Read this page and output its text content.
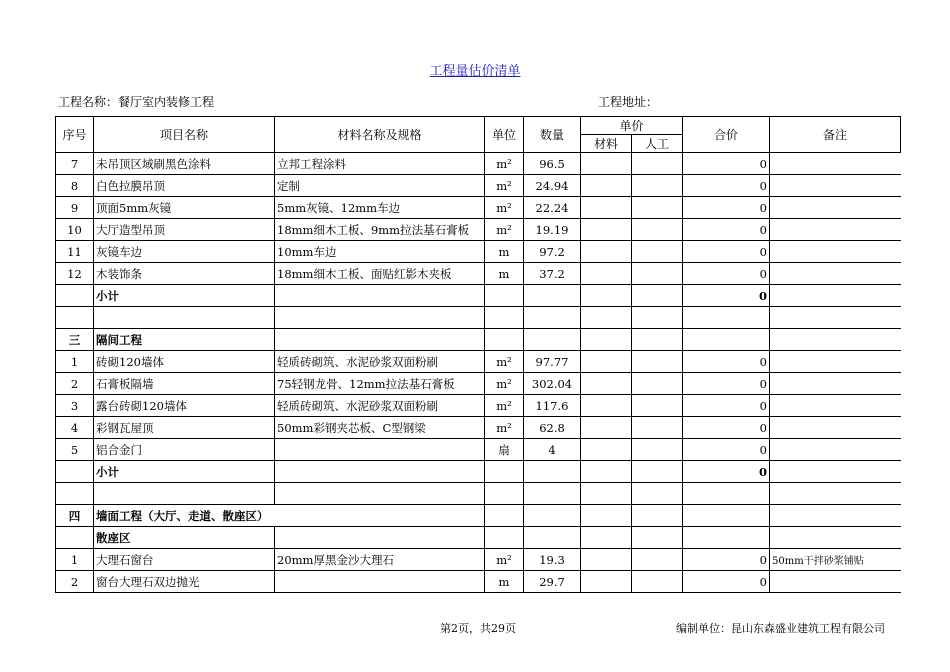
工程量估价清单
工程名称：餐厅室内装修工程	工程地址：
序号	项目名称	材料名称及规格	单位	数量	单价		合价	备注
					材料	人工		
7	未吊顶区域刷黑色涂料	立邦工程涂料	m²	96.5			0	
8	白色拉膜吊顶	定制	m²	24.94			0	
9	顶面5mm灰镜	5mm灰镜、12mm车边	m²	22.24			0	
10	大厅造型吊顶	18mm细木工板、9mm拉法基石膏板	m²	19.19			0	
11	灰镜车边	10mm车边	m	97.2			0	
12	木装饰条	18mm细木工板、面贴红影木夹板	m	37.2			0	
	小计						0	

三	隔间工程							
1	砖砌120墙体	轻质砖砌筑、水泥砂浆双面粉刷	m²	97.77			0	
2	石膏板隔墙	75轻钢龙骨、12mm拉法基石膏板	m²	302.04			0	
3	露台砖砌120墙体	轻质砖砌筑、水泥砂浆双面粉刷	m²	117.6			0	
4	彩钢瓦屋顶	50mm彩钢夹芯板、C型钢梁	m²	62.8			0	
5	铝合金门		扇	4			0	
	小计						0	

四	墙面工程（大厅、走道、散座区）							
	散座区							
1	大理石窗台	20mm厚黑金沙大理石	m²	19.3			0	50mm干拌砂浆铺贴
2	窗台大理石双边抛光		m	29.7			0	
第2页，共29页	编制单位：昆山东森盛业建筑工程有限公司
